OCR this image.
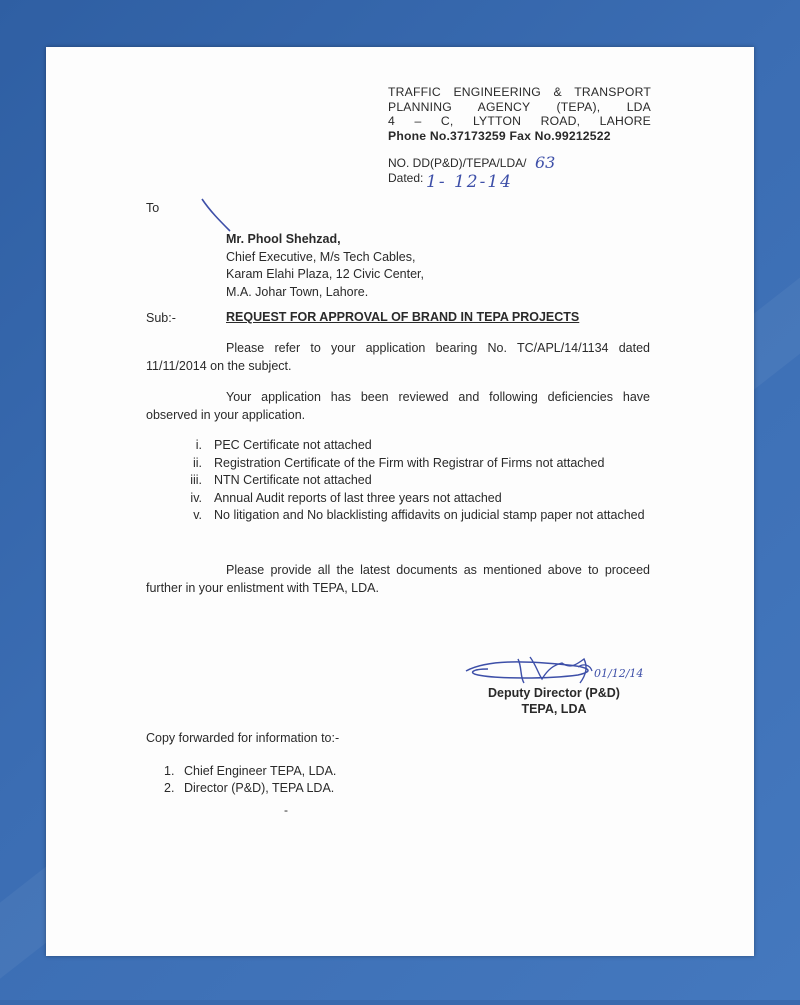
TRAFFIC ENGINEERING & TRANSPORT
PLANNING AGENCY (TEPA), LDA
4 – C, LYTTON ROAD, LAHORE
Phone No.37173259 Fax No.99212522
NO. DD(P&D)/TEPA/LDA/ 63
Dated: 1- 12-14
To
Mr. Phool Shehzad,
Chief Executive, M/s Tech Cables,
Karam Elahi Plaza, 12 Civic Center,
M.A. Johar Town, Lahore.
Sub:-	REQUEST FOR APPROVAL OF BRAND IN TEPA PROJECTS
Please refer to your application bearing No. TC/APL/14/1134 dated 11/11/2014 on the subject.
Your application has been reviewed and following deficiencies have observed in your application.
i. PEC Certificate not attached
ii. Registration Certificate of the Firm with Registrar of Firms not attached
iii. NTN Certificate not attached
iv. Annual Audit reports of last three years not attached
v. No litigation and No blacklisting affidavits on judicial stamp paper not attached
Please provide all the latest documents as mentioned above to proceed further in your enlistment with TEPA, LDA.
01/12/14
Deputy Director (P&D)
TEPA, LDA
Copy forwarded for information to:-
1. Chief Engineer TEPA, LDA.
2. Director (P&D), TEPA LDA.
-
